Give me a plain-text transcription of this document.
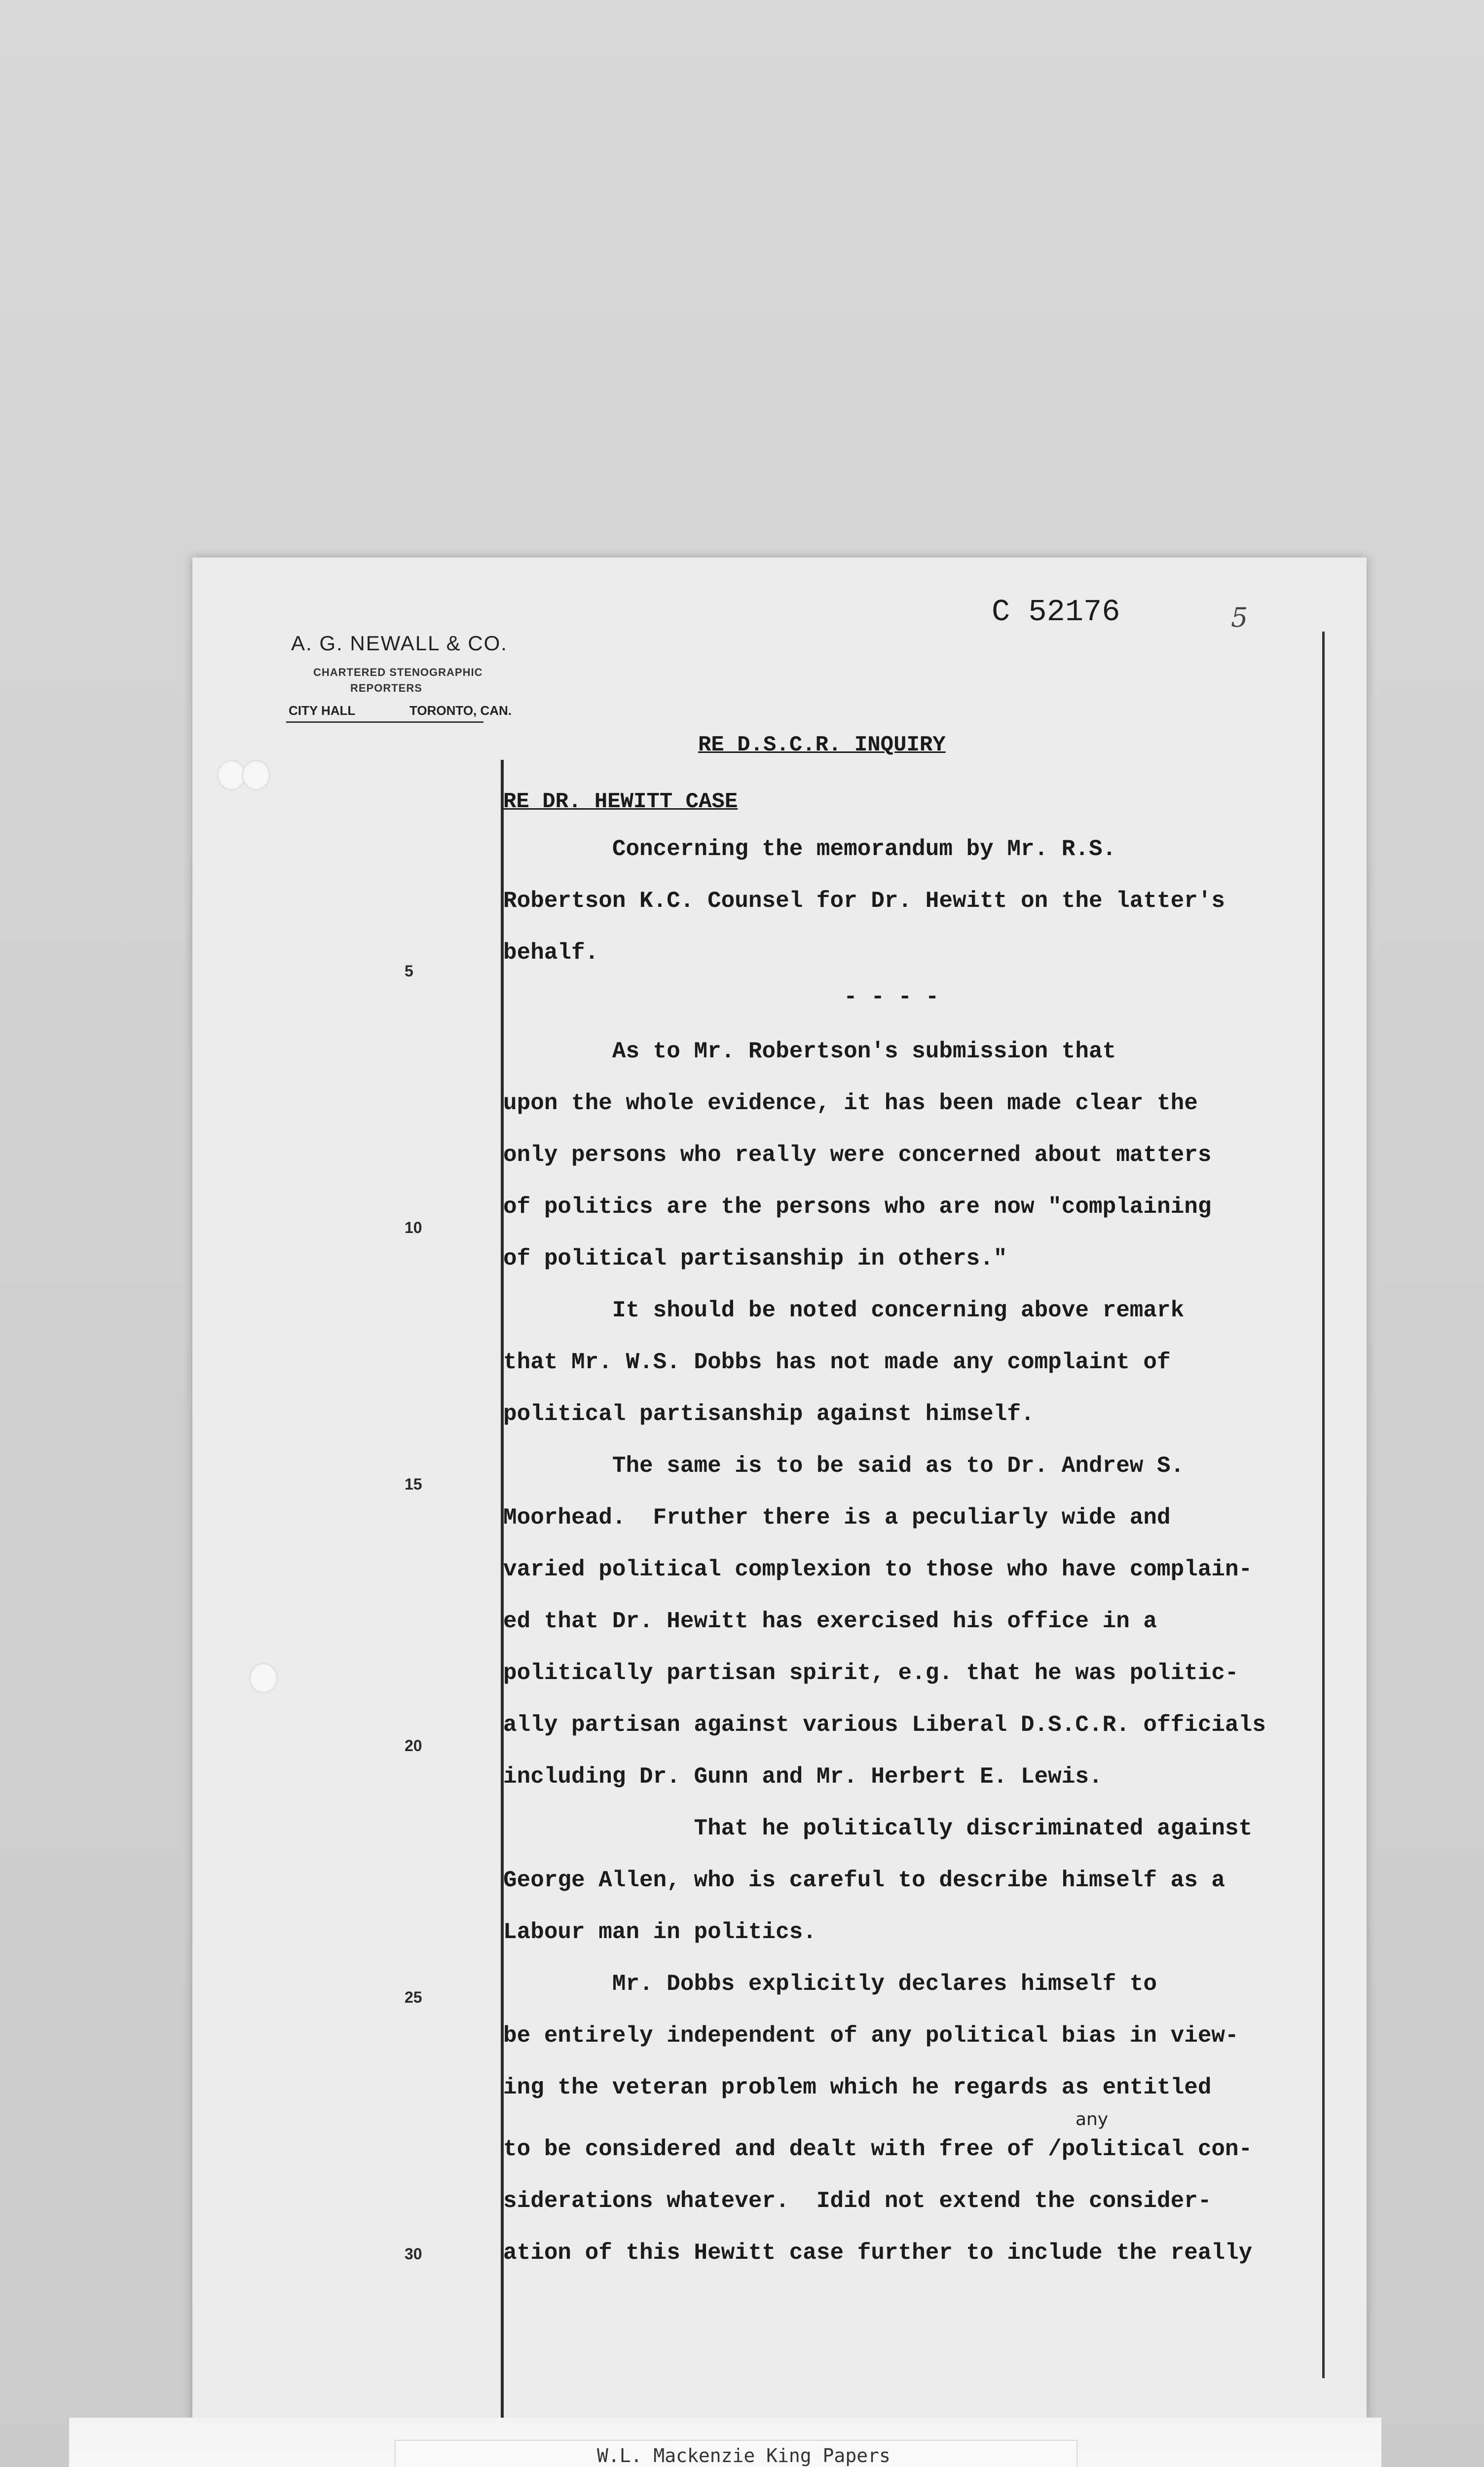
A. G. NEWALL & CO.
CHARTERED STENOGRAPHIC
REPORTERS
CITY HALL	TORONTO, CAN.
C 52176	5
RE D.S.C.R. INQUIRY
RE DR. HEWITT CASE
Concerning the memorandum by Mr. R.S.
Robertson K.C. Counsel for Dr. Hewitt on the latter's
behalf.
- - - -
As to Mr. Robertson's submission that
upon the whole evidence, it has been made clear the
only persons who really were concerned about matters
of politics are the persons who are now "complaining
of political partisanship in others."
It should be noted concerning above remark
that Mr. W.S. Dobbs has not made any complaint of
political partisanship against himself.
The same is to be said as to Dr. Andrew S.
Moorhead.  Fruther there is a peculiarly wide and
varied political complexion to those who have complain-
ed that Dr. Hewitt has exercised his office in a
politically partisan spirit, e.g. that he was politic-
ally partisan against various Liberal D.S.C.R. officials
including Dr. Gunn and Mr. Herbert E. Lewis.
That he politically discriminated against
George Allen, who is careful to describe himself as a
Labour man in politics.
Mr. Dobbs explicitly declares himself to
be entirely independent of any political bias in view-
ing the veteran problem which he regards as entitled
any
to be considered and dealt with free of /political con-
siderations whatever.  Idid not extend the consider-
ation of this Hewitt case further to include the really
5
10
15
20
25
30
W.L. Mackenzie King Papers
